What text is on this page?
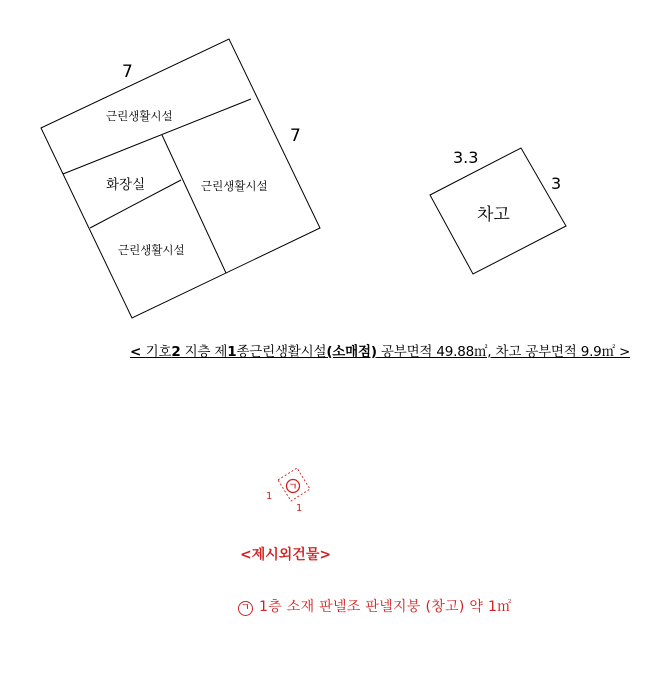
7
7
근린생활시설
화장실	근린생활시설
근린생활시설
3.3
3
차고
ㄱ
1
1
< 기호2 지층 제1종근린생활시설(소매점) 공부면적 49.88㎡, 차고 공부면적 9.9㎡ >
<제시외건물>
ㄱ 1층 소재 판넬조 판넬지붕 (창고) 약 1㎡
